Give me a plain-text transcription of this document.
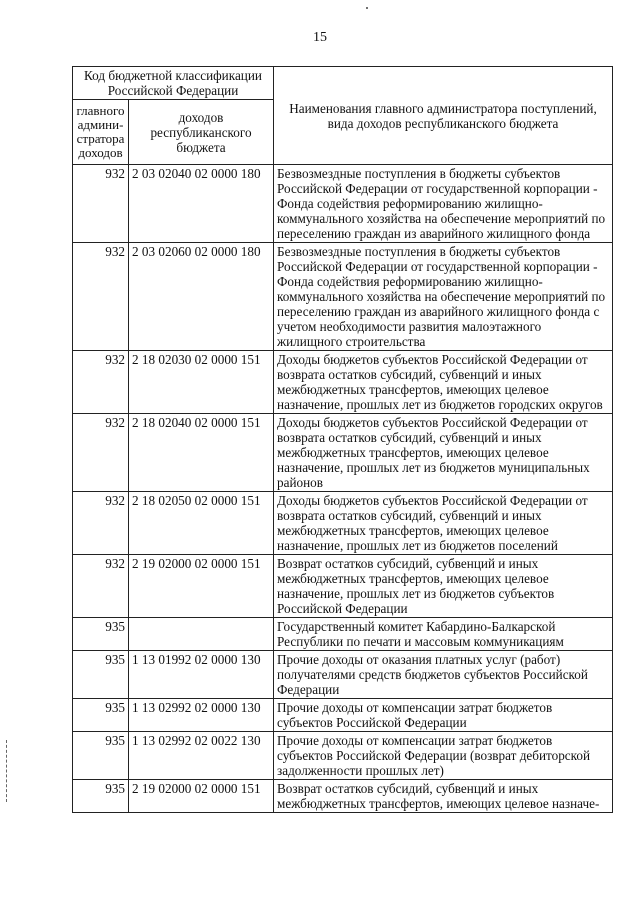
15
Код бюджетной классификации Российской Федерации		Наименования главного администратора поступлений, вида доходов республиканского бюджета
главного админи-стратора доходов	доходов республиканского бюджета	
932	2 03 02040 02 0000 180	Безвозмездные поступления в бюджеты субъектов Российской Федерации от государственной корпорации - Фонда содействия реформированию жилищно-коммунального хозяйства на обеспечение мероприятий по переселению граждан из аварийного жилищного фонда
932	2 03 02060 02 0000 180	Безвозмездные поступления в бюджеты субъектов Российской Федерации от государственной корпорации - Фонда содействия реформированию жилищно-коммунального хозяйства на обеспечение мероприятий по переселению граждан из аварийного жилищного фонда с учетом необходимости развития малоэтажного жилищного строительства
932	2 18 02030 02 0000 151	Доходы бюджетов субъектов Российской Федерации от возврата остатков субсидий, субвенций и иных межбюджетных трансфертов, имеющих целевое назначение, прошлых лет из бюджетов городских округов
932	2 18 02040 02 0000 151	Доходы бюджетов субъектов Российской Федерации от возврата остатков субсидий, субвенций и иных межбюджетных трансфертов, имеющих целевое назначение, прошлых лет из бюджетов муниципальных районов
932	2 18 02050 02 0000 151	Доходы бюджетов субъектов Российской Федерации от возврата остатков субсидий, субвенций и иных межбюджетных трансфертов, имеющих целевое назначение, прошлых лет из бюджетов поселений
932	2 19 02000 02 0000 151	Возврат остатков субсидий, субвенций и иных межбюджетных трансфертов, имеющих целевое назначение, прошлых лет из бюджетов субъектов Российской Федерации
935		Государственный комитет Кабардино-Балкарской Республики по печати и массовым коммуникациям
935	1 13 01992 02 0000 130	Прочие доходы от оказания платных услуг (работ) получателями средств бюджетов субъектов Российской Федерации
935	1 13 02992 02 0000 130	Прочие доходы от компенсации затрат бюджетов субъектов Российской Федерации
935	1 13 02992 02 0022 130	Прочие доходы от компенсации затрат бюджетов субъектов Российской Федерации (возврат дебиторской задолженности прошлых лет)
935	2 19 02000 02 0000 151	Возврат остатков субсидий, субвенций и иных межбюджетных трансфертов, имеющих целевое назначе-
